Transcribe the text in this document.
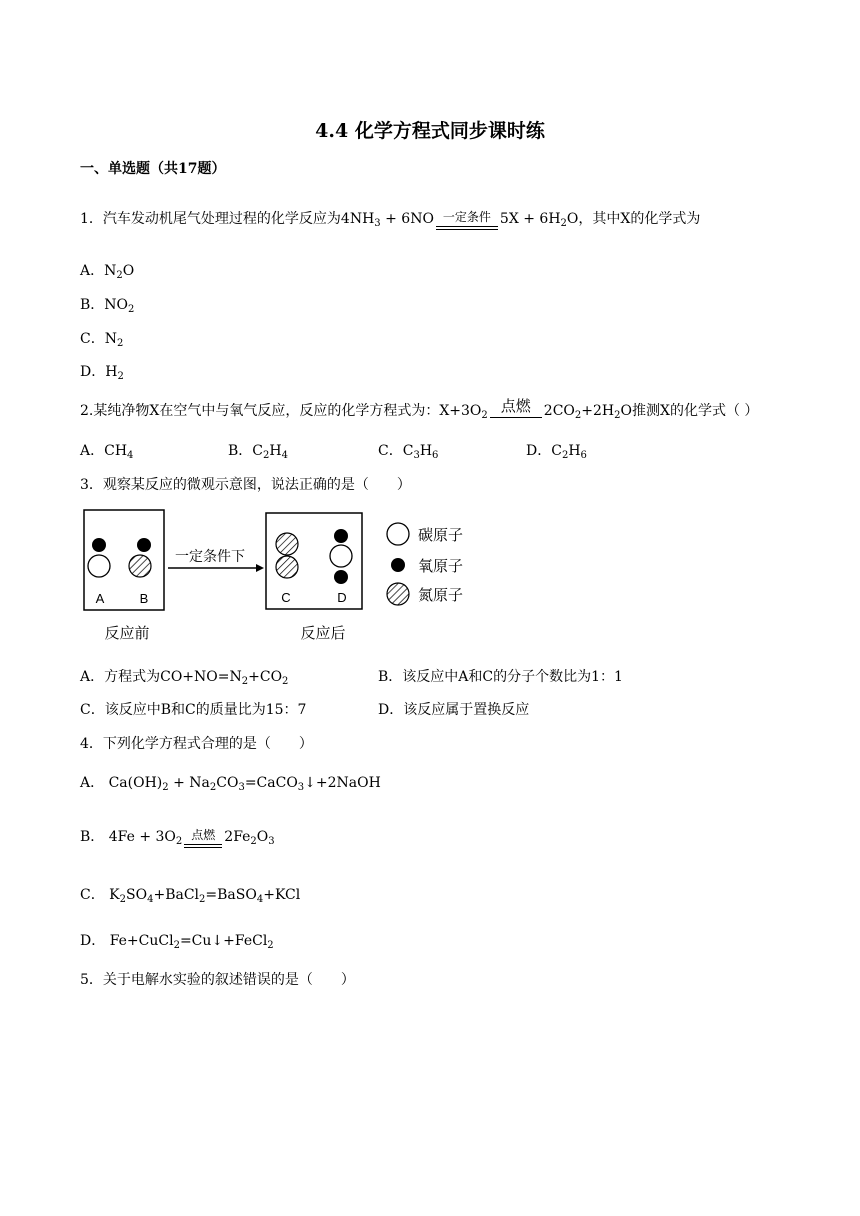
4.4 化学方程式同步课时练
一、单选题（共17题）
1．汽车发动机尾气处理过程的化学反应为$4NH_3 + 6NO$ 一定条件 $5X + 6H_2O$，其中X的化学式为
A．$N_2O$
B．$NO_2$
C．$N_2$
D．$H_2$
2.某纯净物X在空气中与氧气反应，反应的化学方程式为：$X+3O_2$
点燃 $2CO_2+2H_2O$推测X的化学式（ ）
A．$CH_4$	B．$C_2H_4$	C．$C_3H_6$	D．$C_2H_6$
3．观察某反应的微观示意图，说法正确的是（　　）
A	B
反应前
一定条件下
C	D
反应后
碳原子
氧原子
氮原子
A．方程式为$CO+NO=N_2+CO_2$	B．该反应中A和C的分子个数比为1：1
C．该反应中B和C的质量比为15：7	D．该反应属于置换反应
4．下列化学方程式合理的是（　　）
A． $Ca(OH)_2$ + $Na_2CO_3=CaCO_3↓+2NaOH$
B． $4Fe + 3O_2$ 点燃 $2Fe_2O_3$
C． $K_2SO_4+BaCl_2=BaSO_4+KCl$
D． Fe+CuCl$_2$=Cu↓+FeCl$_2$
5．关于电解水实验的叙述错误的是（　　）
